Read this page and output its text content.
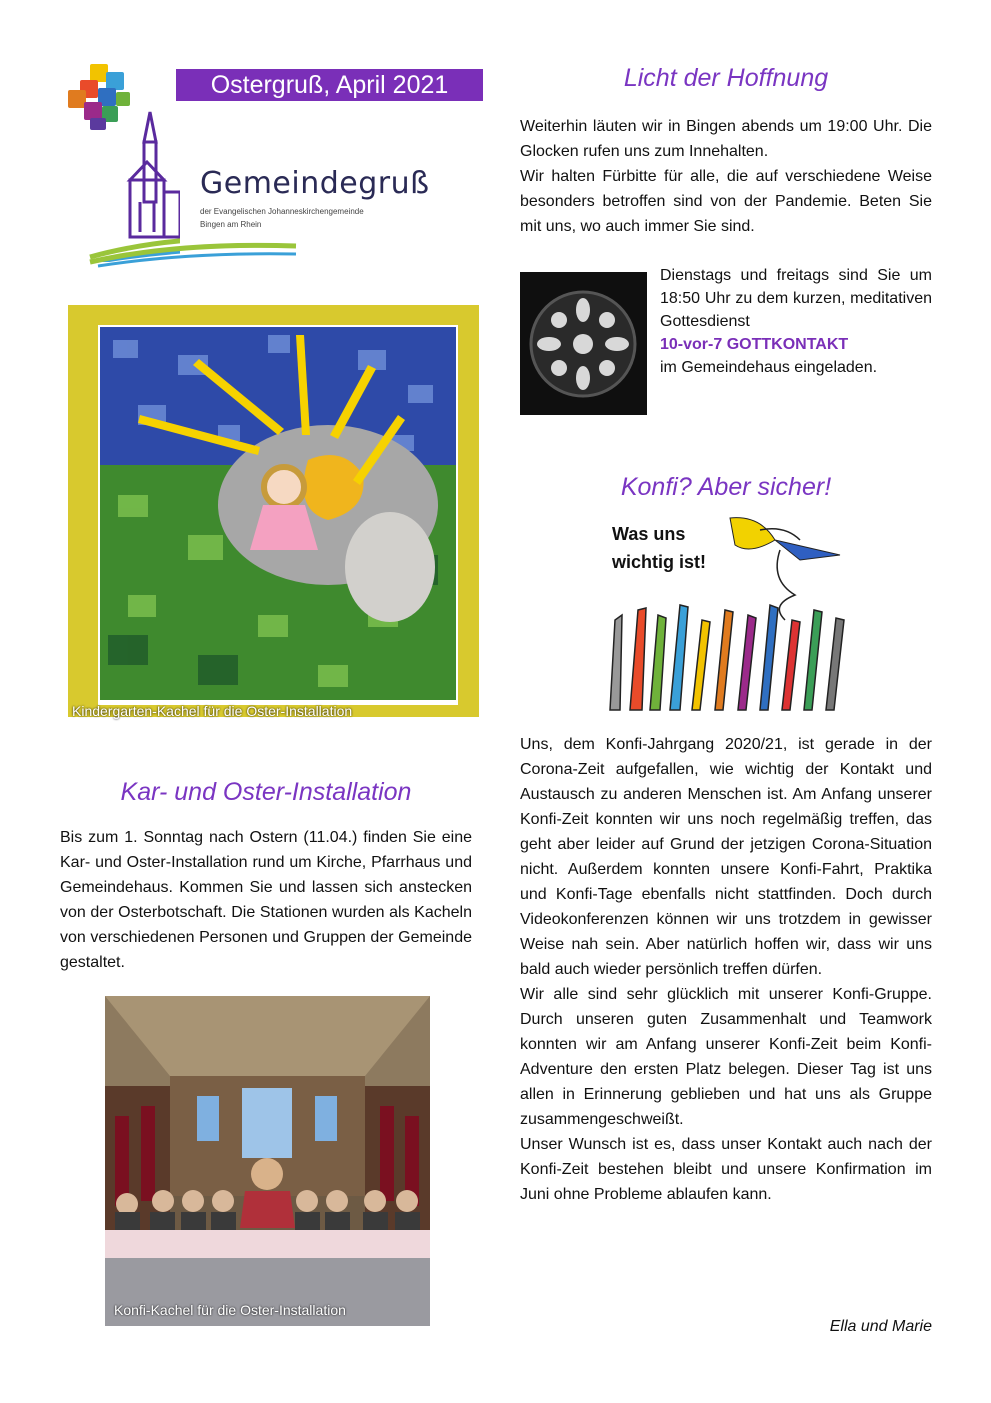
Ostergruß, April 2021
Gemeindegruß
der Evangelischen Johanneskirchengemeinde
Bingen am Rhein
Kindergarten-Kachel für die Oster-Installation
Kar- und Oster-Installation
Bis zum 1. Sonntag nach Ostern (11.04.) finden Sie eine Kar- und Oster-Installation rund um Kirche, Pfarrhaus und Gemeindehaus. Kommen Sie und lassen sich anstecken von der Osterbotschaft. Die Stationen wurden als Kacheln von verschiedenen Personen und Gruppen der Gemeinde gestaltet.
Konfi-Kachel für die Oster-Installation
Licht der Hoffnung

Weiterhin läuten wir in Bingen abends um 19:00 Uhr. Die Glocken rufen uns zum Innehalten.

Wir halten Fürbitte für alle, die auf verschiedene Weise besonders betroffen sind von der Pandemie. Beten Sie mit uns, wo auch immer Sie sind.

Dienstags und freitags sind Sie um 18:50 Uhr zu dem kurzen, meditativen Gottesdienst

10-vor-7 GOTTKONTAKT

im Gemeindehaus eingeladen.

Konfi? Aber sicher!
Was uns
wichtig ist!

Uns, dem Konfi-Jahrgang 2020/21, ist gerade in der Corona-Zeit aufgefallen, wie wichtig der Kontakt und Austausch zu anderen Menschen ist. Am Anfang unserer Konfi-Zeit konnten wir uns noch regelmäßig treffen, das geht aber leider auf Grund der jetzigen Corona-Situation nicht. Außerdem konnten unsere Konfi-Fahrt, Praktika und Konfi-Tage ebenfalls nicht stattfinden. Doch durch Videokonferenzen können wir uns trotzdem in gewisser Weise nah sein. Aber natürlich hoffen wir, dass wir uns bald auch wieder persönlich treffen dürfen.

Wir alle sind sehr glücklich mit unserer Konfi-Gruppe. Durch unseren guten Zusammenhalt und Teamwork konnten wir am Anfang unserer Konfi-Zeit beim Konfi-Adventure den ersten Platz belegen. Dieser Tag ist uns allen in Erinnerung geblieben und hat uns als Gruppe zusammengeschweißt.

Unser Wunsch ist es, dass unser Kontakt auch nach der Konfi-Zeit bestehen bleibt und unsere Konfirmation im Juni ohne Probleme ablaufen kann.

Ella und Marie
